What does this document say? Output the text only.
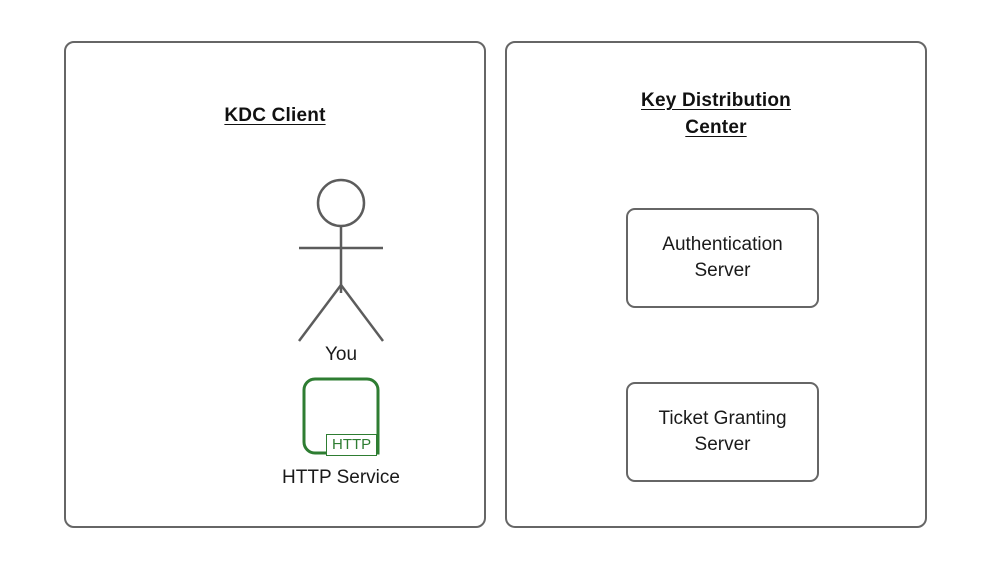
KDC Client
You
HTTP
HTTP Service
Key Distribution
Center
Authentication
Server
Ticket Granting
Server
